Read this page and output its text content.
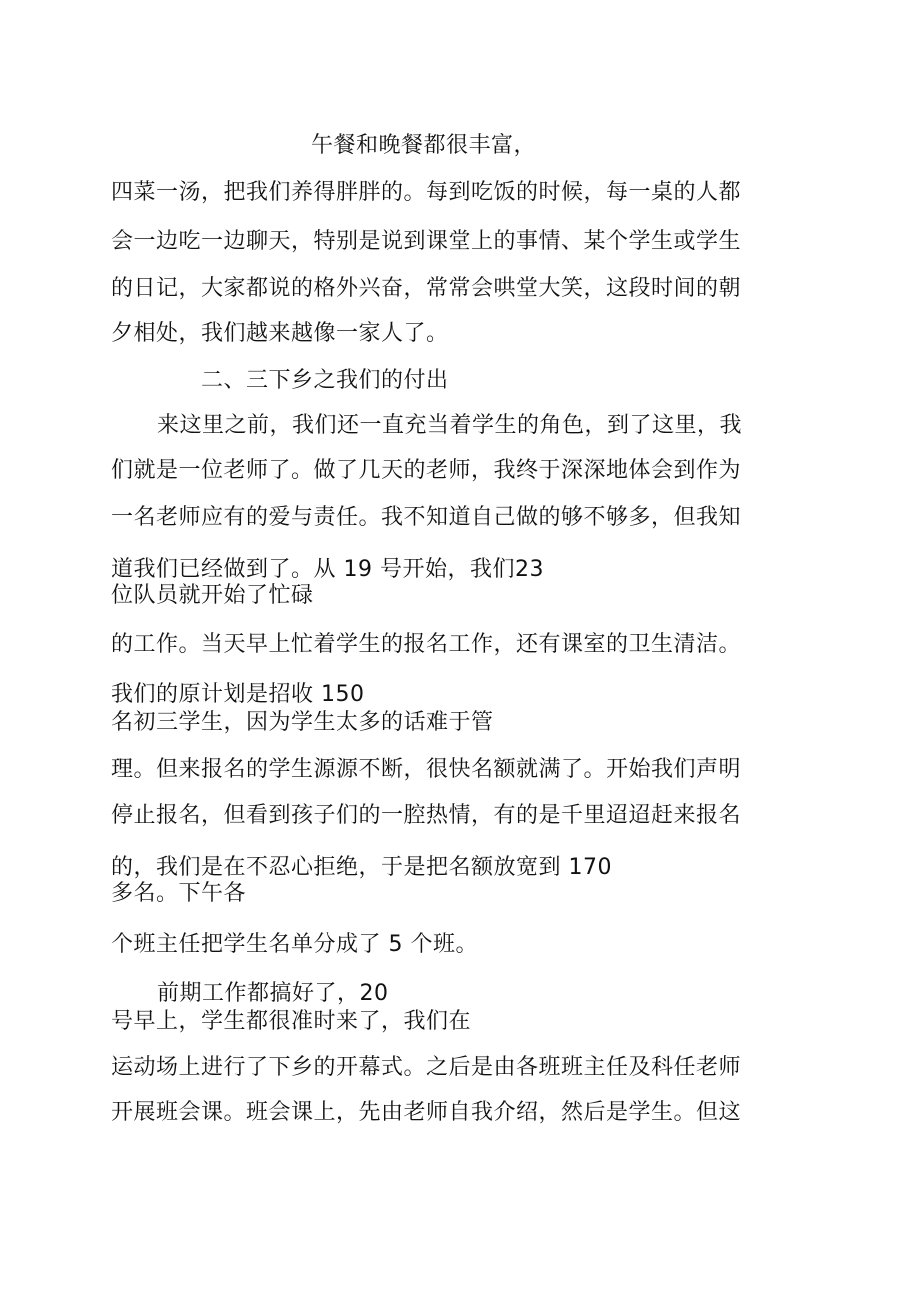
午餐和晚餐都很丰富，

四菜一汤，把我们养得胖胖的。每到吃饭的时候，每一桌的人都

会一边吃一边聊天，特别是说到课堂上的事情、某个学生或学生

的日记，大家都说的格外兴奋，常常会哄堂大笑，这段时间的朝

夕相处，我们越来越像一家人了。

二、三下乡之我们的付出

来这里之前，我们还一直充当着学生的角色，到了这里，我

们就是一位老师了。做了几天的老师，我终于深深地体会到作为

一名老师应有的爱与责任。我不知道自己做的够不够多，但我知

道我们已经做到了。从 19 号开始，我们23

位队员就开始了忙碌

的工作。当天早上忙着学生的报名工作，还有课室的卫生清洁。

我们的原计划是招收 150

名初三学生，因为学生太多的话难于管

理。但来报名的学生源源不断，很快名额就满了。开始我们声明

停止报名，但看到孩子们的一腔热情，有的是千里迢迢赶来报名

的，我们是在不忍心拒绝，于是把名额放宽到 170

多名。下午各

个班主任把学生名单分成了 5 个班。

前期工作都搞好了，20

号早上，学生都很准时来了，我们在

运动场上进行了下乡的开幕式。之后是由各班班主任及科任老师

开展班会课。班会课上，先由老师自我介绍，然后是学生。但这
